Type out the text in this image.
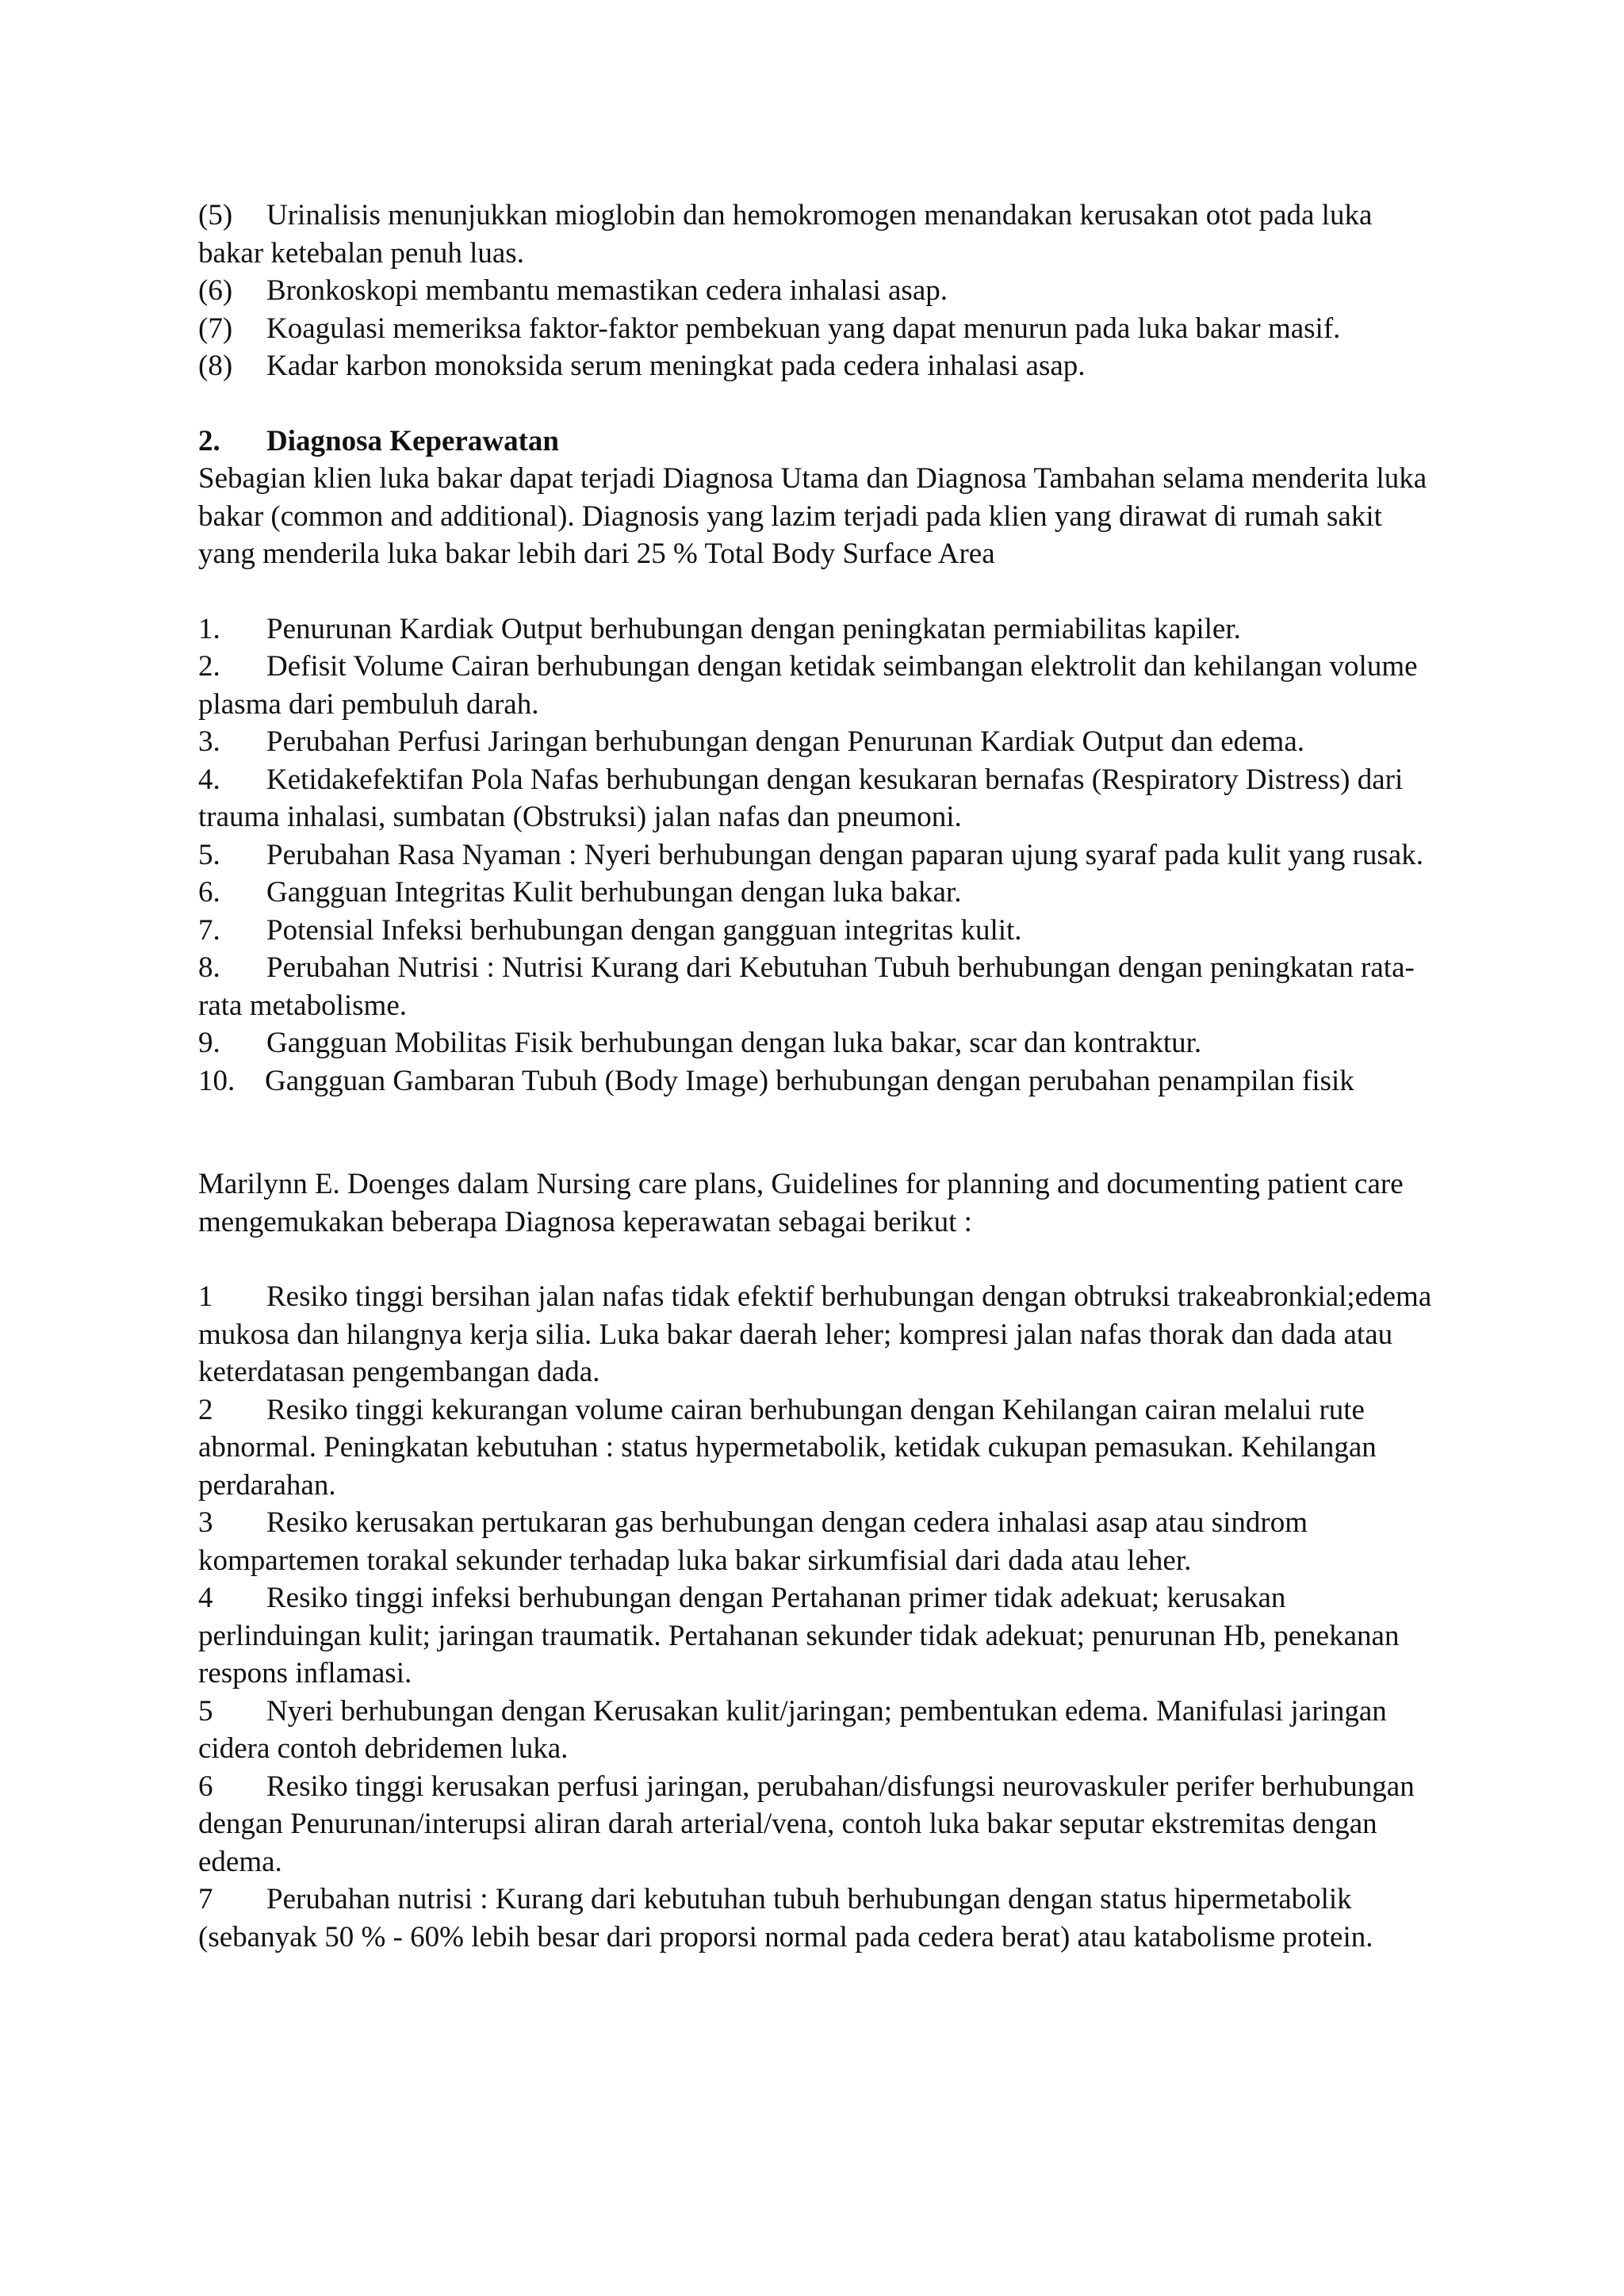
(5) Urinalisis menunjukkan mioglobin dan hemokromogen menandakan kerusakan otot pada luka bakar ketebalan penuh luas.

(6) Bronkoskopi membantu memastikan cedera inhalasi asap.

(7) Koagulasi memeriksa faktor-faktor pembekuan yang dapat menurun pada luka bakar masif.

(8) Kadar karbon monoksida serum meningkat pada cedera inhalasi asap.

2. Diagnosa Keperawatan

Sebagian klien luka bakar dapat terjadi Diagnosa Utama dan Diagnosa Tambahan selama menderita luka bakar (common and additional). Diagnosis yang lazim terjadi pada klien yang dirawat di rumah sakit yang menderila luka bakar lebih dari 25 % Total Body Surface Area

1. Penurunan Kardiak Output berhubungan dengan peningkatan permiabilitas kapiler.

2. Defisit Volume Cairan berhubungan dengan ketidak seimbangan elektrolit dan kehilangan volume plasma dari pembuluh darah.

3. Perubahan Perfusi Jaringan berhubungan dengan Penurunan Kardiak Output dan edema.

4. Ketidakefektifan Pola Nafas berhubungan dengan kesukaran bernafas (Respiratory Distress) dari trauma inhalasi, sumbatan (Obstruksi) jalan nafas dan pneumoni.

5. Perubahan Rasa Nyaman : Nyeri berhubungan dengan paparan ujung syaraf pada kulit yang rusak.

6. Gangguan Integritas Kulit berhubungan dengan luka bakar.

7. Potensial Infeksi berhubungan dengan gangguan integritas kulit.

8. Perubahan Nutrisi : Nutrisi Kurang dari Kebutuhan Tubuh berhubungan dengan peningkatan rata-rata metabolisme.

9. Gangguan Mobilitas Fisik berhubungan dengan luka bakar, scar dan kontraktur.

10. Gangguan Gambaran Tubuh (Body Image) berhubungan dengan perubahan penampilan fisik

Marilynn E. Doenges dalam Nursing care plans, Guidelines for planning and documenting patient care mengemukakan beberapa Diagnosa keperawatan sebagai berikut :

1 Resiko tinggi bersihan jalan nafas tidak efektif berhubungan dengan obtruksi trakeabronkial;edema mukosa dan hilangnya kerja silia. Luka bakar daerah leher; kompresi jalan nafas thorak dan dada atau keterdatasan pengembangan dada.

2 Resiko tinggi kekurangan volume cairan berhubungan dengan Kehilangan cairan melalui rute abnormal. Peningkatan kebutuhan : status hypermetabolik, ketidak cukupan pemasukan. Kehilangan perdarahan.

3 Resiko kerusakan pertukaran gas berhubungan dengan cedera inhalasi asap atau sindrom kompartemen torakal sekunder terhadap luka bakar sirkumfisial dari dada atau leher.

4 Resiko tinggi infeksi berhubungan dengan Pertahanan primer tidak adekuat; kerusakan perlinduingan kulit; jaringan traumatik. Pertahanan sekunder tidak adekuat; penurunan Hb, penekanan respons inflamasi.

5 Nyeri berhubungan dengan Kerusakan kulit/jaringan; pembentukan edema. Manifulasi jaringan cidera contoh debridemen luka.

6 Resiko tinggi kerusakan perfusi jaringan, perubahan/disfungsi neurovaskuler perifer berhubungan dengan Penurunan/interupsi aliran darah arterial/vena, contoh luka bakar seputar ekstremitas dengan edema.

7 Perubahan nutrisi : Kurang dari kebutuhan tubuh berhubungan dengan status hipermetabolik (sebanyak 50 % - 60% lebih besar dari proporsi normal pada cedera berat) atau katabolisme protein.
